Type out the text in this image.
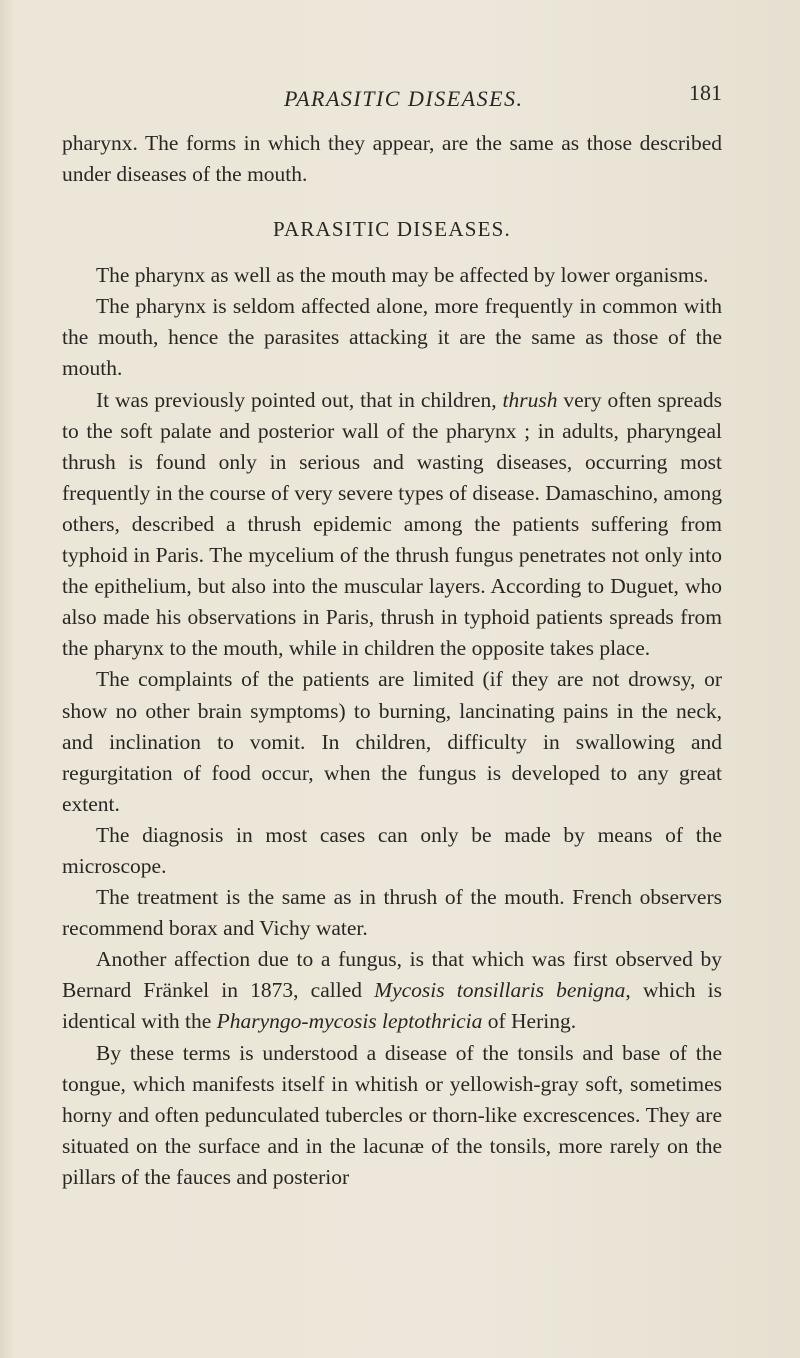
PARASITIC DISEASES.	181

pharynx. The forms in which they appear, are the same as those described under diseases of the mouth.

PARASITIC DISEASES.

The pharynx as well as the mouth may be affected by lower organisms.

The pharynx is seldom affected alone, more frequently in common with the mouth, hence the parasites attacking it are the same as those of the mouth.

It was previously pointed out, that in children, thrush very often spreads to the soft palate and posterior wall of the pharynx ; in adults, pharyngeal thrush is found only in serious and wasting diseases, occurring most frequently in the course of very severe types of disease. Damaschino, among others, described a thrush epidemic among the patients suffering from typhoid in Paris. The mycelium of the thrush fungus penetrates not only into the epithelium, but also into the muscular layers. According to Duguet, who also made his observations in Paris, thrush in typhoid patients spreads from the pharynx to the mouth, while in children the opposite takes place.

The complaints of the patients are limited (if they are not drowsy, or show no other brain symptoms) to burning, lancinating pains in the neck, and inclination to vomit. In children, difficulty in swallowing and regurgitation of food occur, when the fungus is developed to any great extent.

The diagnosis in most cases can only be made by means of the microscope.

The treatment is the same as in thrush of the mouth. French observers recommend borax and Vichy water.

Another affection due to a fungus, is that which was first observed by Bernard Fränkel in 1873, called Mycosis tonsillaris benigna, which is identical with the Pharyngo-mycosis leptothricia of Hering.

By these terms is understood a disease of the tonsils and base of the tongue, which manifests itself in whitish or yellowish-gray soft, sometimes horny and often pedunculated tubercles or thorn-like excrescences. They are situated on the surface and in the lacunæ of the tonsils, more rarely on the pillars of the fauces and posterior
